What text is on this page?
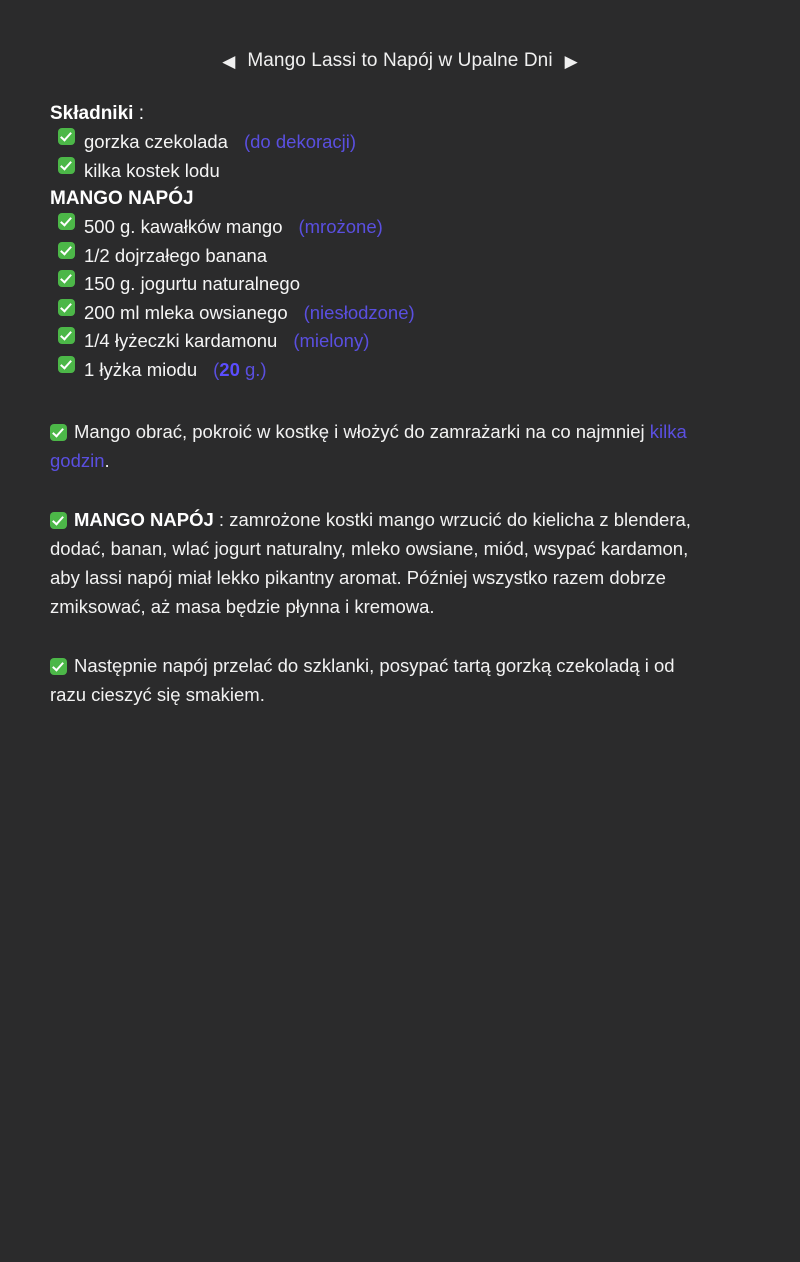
◀ Mango Lassi to Napój w Upalne Dni ▶
Składniki :
gorzka czekolada (do dekoracji)
kilka kostek lodu
MANGO NAPÓJ
500 g. kawałków mango (mrożone)
1/2 dojrzałego banana
150 g. jogurtu naturalnego
200 ml mleka owsianego (niesłodzone)
1/4 łyżeczki kardamonu (mielony)
1 łyżka miodu (20 g.)

Mango obrać, pokroić w kostkę i włożyć do zamrażarki na co najmniej kilka godzin.

MANGO NAPÓJ : zamrożone kostki mango wrzucić do kielicha z blendera, dodać, banan, wlać jogurt naturalny, mleko owsiane, miód, wsypać kardamon, aby lassi napój miał lekko pikantny aromat. Później wszystko razem dobrze zmiksować, aż masa będzie płynna i kremowa.

Następnie napój przelać do szklanki, posypać tartą gorzką czekoladą i od razu cieszyć się smakiem.
